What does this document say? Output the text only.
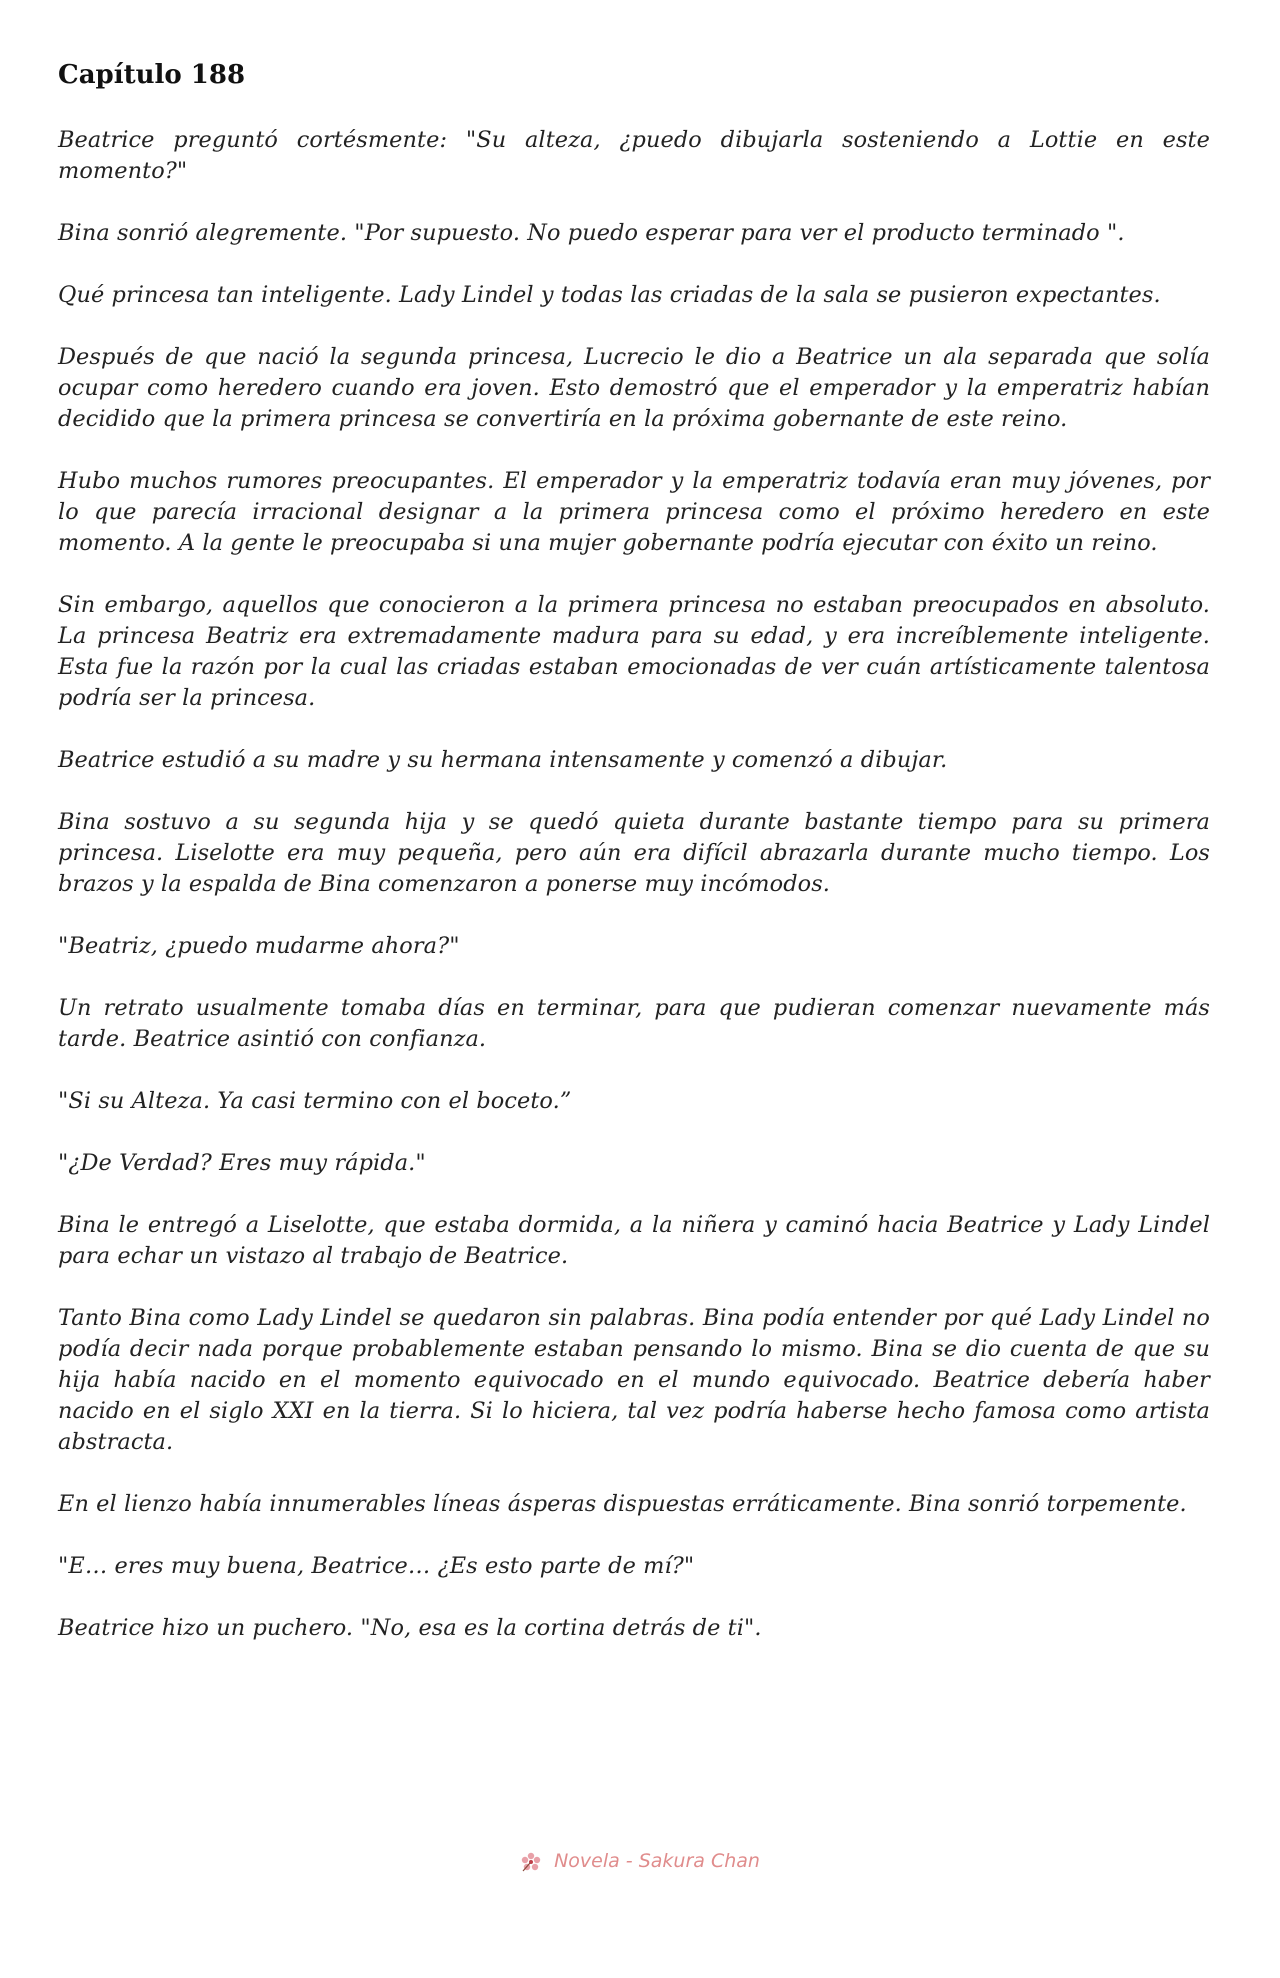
Capítulo 188

Beatrice preguntó cortésmente: "Su alteza, ¿puedo dibujarla sosteniendo a Lottie en este momento?"

Bina sonrió alegremente. "Por supuesto. No puedo esperar para ver el producto terminado ".

Qué princesa tan inteligente. Lady Lindel y todas las criadas de la sala se pusieron expectantes.

Después de que nació la segunda princesa, Lucrecio le dio a Beatrice un ala separada que solía ocupar como heredero cuando era joven. Esto demostró que el emperador y la emperatriz habían decidido que la primera princesa se convertiría en la próxima gobernante de este reino.

Hubo muchos rumores preocupantes. El emperador y la emperatriz todavía eran muy jóvenes, por lo que parecía irracional designar a la primera princesa como el próximo heredero en este momento. A la gente le preocupaba si una mujer gobernante podría ejecutar con éxito un reino.

Sin embargo, aquellos que conocieron a la primera princesa no estaban preocupados en absoluto. La princesa Beatriz era extremadamente madura para su edad, y era increíblemente inteligente. Esta fue la razón por la cual las criadas estaban emocionadas de ver cuán artísticamente talentosa podría ser la princesa.

Beatrice estudió a su madre y su hermana intensamente y comenzó a dibujar.

Bina sostuvo a su segunda hija y se quedó quieta durante bastante tiempo para su primera princesa. Liselotte era muy pequeña, pero aún era difícil abrazarla durante mucho tiempo. Los brazos y la espalda de Bina comenzaron a ponerse muy incómodos.

"Beatriz, ¿puedo mudarme ahora?"

Un retrato usualmente tomaba días en terminar, para que pudieran comenzar nuevamente más tarde. Beatrice asintió con confianza.

"Si su Alteza. Ya casi termino con el boceto.”

"¿De Verdad? Eres muy rápida."

Bina le entregó a Liselotte, que estaba dormida, a la niñera y caminó hacia Beatrice y Lady Lindel para echar un vistazo al trabajo de Beatrice.

Tanto Bina como Lady Lindel se quedaron sin palabras. Bina podía entender por qué Lady Lindel no podía decir nada porque probablemente estaban pensando lo mismo. Bina se dio cuenta de que su hija había nacido en el momento equivocado en el mundo equivocado. Beatrice debería haber nacido en el siglo XXI en la tierra. Si lo hiciera, tal vez podría haberse hecho famosa como artista abstracta.

En el lienzo había innumerables líneas ásperas dispuestas erráticamente. Bina sonrió torpemente.

"E… eres muy buena, Beatrice… ¿Es esto parte de mí?"

Beatrice hizo un puchero. "No, esa es la cortina detrás de ti".

Novela - Sakura Chan
